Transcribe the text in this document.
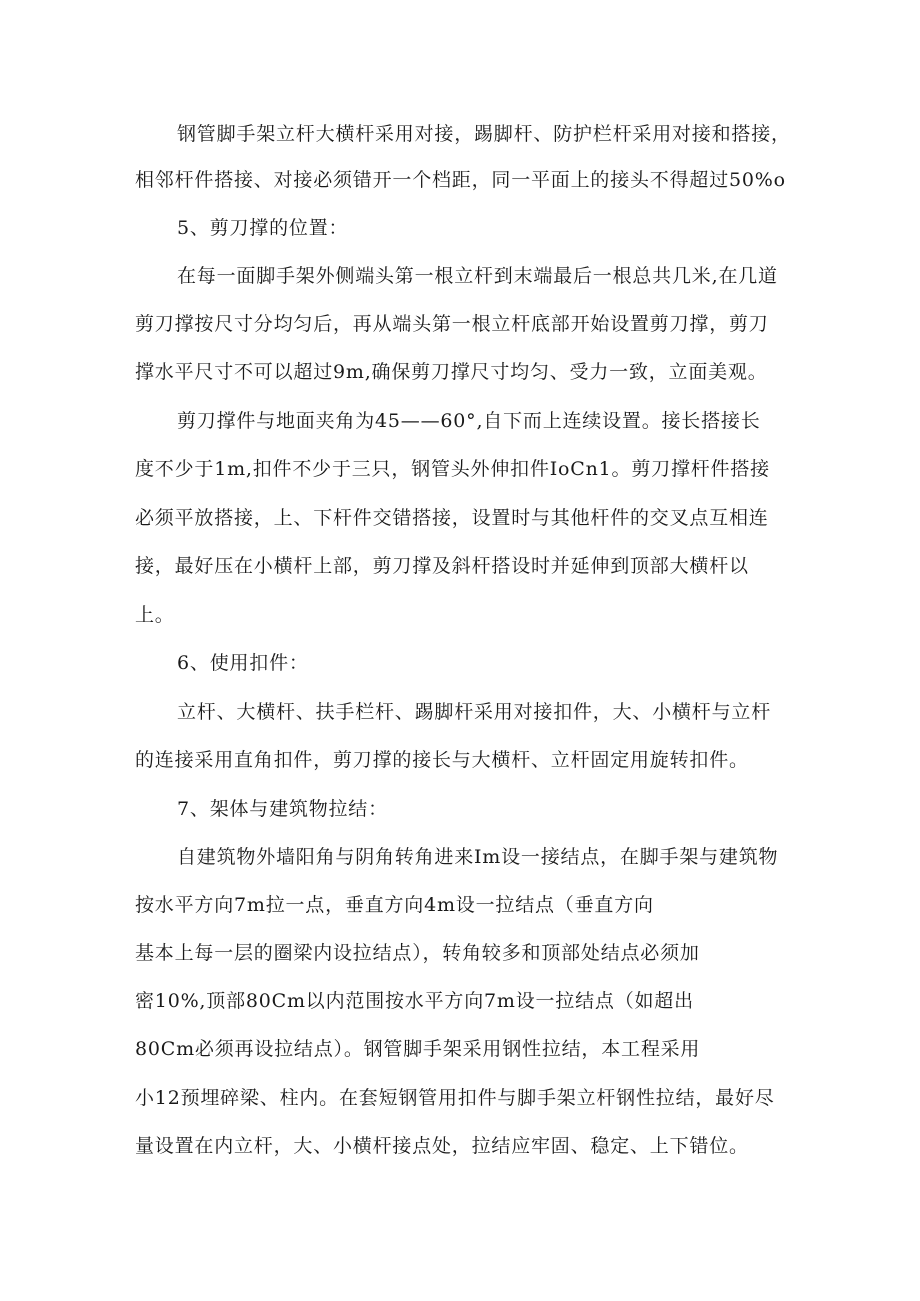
钢管脚手架立杆大横杆采用对接，踢脚杆、防护栏杆采用对接和搭接，
相邻杆件搭接、对接必须错开一个档距，同一平面上的接头不得超过50%o
5、剪刀撑的位置：
在每一面脚手架外侧端头第一根立杆到末端最后一根总共几米,在几道
剪刀撑按尺寸分均匀后，再从端头第一根立杆底部开始设置剪刀撑，剪刀
撑水平尺寸不可以超过9m,确保剪刀撑尺寸均匀、受力一致，立面美观。
剪刀撑件与地面夹角为45——60°,自下而上连续设置。接长搭接长
度不少于1m,扣件不少于三只，钢管头外伸扣件IoCn1。剪刀撑杆件搭接
必须平放搭接，上、下杆件交错搭接，设置时与其他杆件的交叉点互相连
接，最好压在小横杆上部，剪刀撑及斜杆搭设时并延伸到顶部大横杆以
上。
6、使用扣件：
立杆、大横杆、扶手栏杆、踢脚杆采用对接扣件，大、小横杆与立杆
的连接采用直角扣件，剪刀撑的接长与大横杆、立杆固定用旋转扣件。
7、架体与建筑物拉结：
自建筑物外墙阳角与阴角转角进来Im设一接结点，在脚手架与建筑物
按水平方向7m拉一点，垂直方向4m设一拉结点（垂直方向
基本上每一层的圈梁内设拉结点），转角较多和顶部处结点必须加
密10%,顶部80Cm以内范围按水平方向7m设一拉结点（如超出
80Cm必须再设拉结点）。钢管脚手架采用钢性拉结，本工程采用
小12预埋碎梁、柱内。在套短钢管用扣件与脚手架立杆钢性拉结，最好尽
量设置在内立杆，大、小横杆接点处，拉结应牢固、稳定、上下错位。
